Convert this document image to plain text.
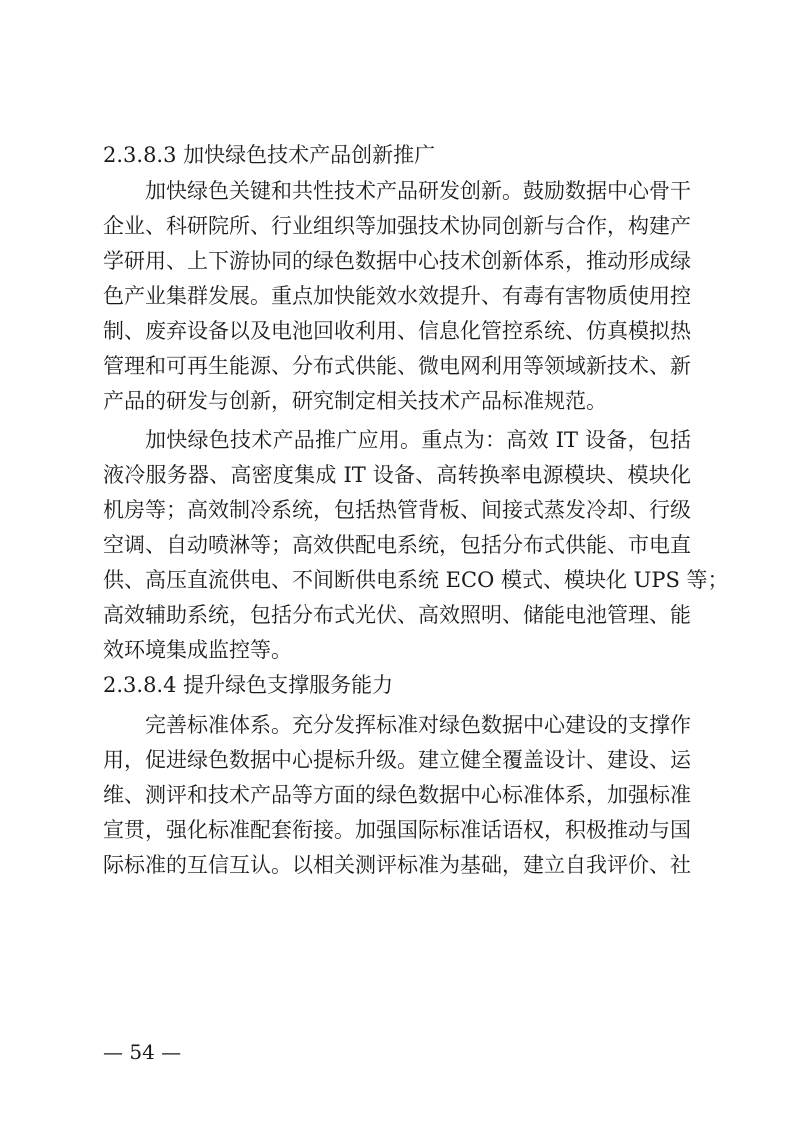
2.3.8.3 加快绿色技术产品创新推广
加快绿色关键和共性技术产品研发创新。鼓励数据中心骨干
企业、科研院所、行业组织等加强技术协同创新与合作，构建产
学研用、上下游协同的绿色数据中心技术创新体系，推动形成绿
色产业集群发展。重点加快能效水效提升、有毒有害物质使用控
制、废弃设备以及电池回收利用、信息化管控系统、仿真模拟热
管理和可再生能源、分布式供能、微电网利用等领域新技术、新
产品的研发与创新，研究制定相关技术产品标准规范。
加快绿色技术产品推广应用。重点为：高效 IT 设备，包括
液冷服务器、高密度集成 IT 设备、高转换率电源模块、模块化
机房等；高效制冷系统，包括热管背板、间接式蒸发冷却、行级
空调、自动喷淋等；高效供配电系统，包括分布式供能、市电直
供、高压直流供电、不间断供电系统 ECO 模式、模块化 UPS 等；
高效辅助系统，包括分布式光伏、高效照明、储能电池管理、能
效环境集成监控等。
2.3.8.4 提升绿色支撑服务能力
完善标准体系。充分发挥标准对绿色数据中心建设的支撑作
用，促进绿色数据中心提标升级。建立健全覆盖设计、建设、运
维、测评和技术产品等方面的绿色数据中心标准体系，加强标准
宣贯，强化标准配套衔接。加强国际标准话语权，积极推动与国
际标准的互信互认。以相关测评标准为基础，建立自我评价、社
— 54 —
